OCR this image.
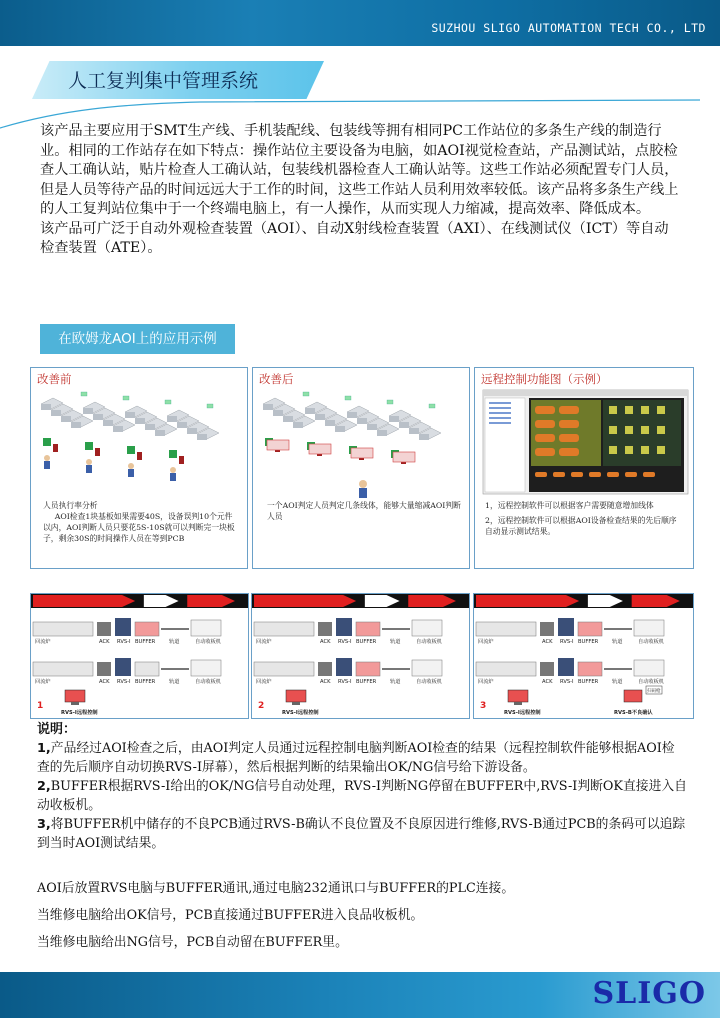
SUZHOU SLIGO AUTOMATION TECH CO., LTD
人工复判集中管理系统

该产品主要应用于SMT生产线、手机装配线、包装线等拥有相同PC工作站位的多条生产线的制造行业。相同的工作站存在如下特点：操作站位主要设备为电脑，如AOI视觉检查站，产品测试站，点胶检查人工确认站，贴片检查人工确认站，包装线机器检查人工确认站等。这些工作站必须配置专门人员，但是人员等待产品的时间远远大于工作的时间，这些工作站人员利用效率较低。该产品将多条生产线上的人工复判站位集中于一个终端电脑上，有一人操作，从而实现人力缩减，提高效率、降低成本。

该产品可广泛于自动外观检查装置（AOI）、自动X射线检查装置（AXI）、在线测试仪（ICT）等自动检查装置（ATE）。

在欧姆龙AOI上的应用示例
改善前
人员执行率分析
AOI检查1块基板如果需要40S，设备误判10个元件以内，AOI判断人员只要花5S-10S就可以判断完一块板子，剩余30S的时间操作人员在等到PCB
改善后
一个AOI判定人员判定几条线体，能够大量缩减AOI判断人员
远程控制功能图（示例）
1，远程控制软件可以根据客户需要随意增加线体
2，远程控制软件可以根据AOI设备检查结果的先后顺序自动显示测试结果。
回流炉	ACK RVS-I BUFFER	轨道	自动收板机
回流炉	ACK RVS-I BUFFER	轨道	自动收板机
1
RVS-I远程控制
回流炉	ACK RVS-I BUFFER	轨道	自动收板机
回流炉	ACK RVS-I BUFFER	轨道	自动收板机
2
RVS-I远程控制
回流炉	ACK RVS-I BUFFER	轨道	自动收板机
回流炉	ACK RVS-I BUFFER	轨道	自动收板机
3
RVS-I远程控制
扫码枪
RVS-B不良确认
说明：

1,产品经过AOI检查之后，由AOI判定人员通过远程控制电脑判断AOI检查的结果（远程控制软件能够根据AOI检查的先后顺序自动切换RVS-I屏幕），然后根据判断的结果输出OK/NG信号给下游设备。

2,BUFFER根据RVS-I给出的OK/NG信号自动处理，RVS-I判断NG停留在BUFFER中,RVS-I判断OK直接进入自动收板机。

3,将BUFFER机中储存的不良PCB通过RVS-B确认不良位置及不良原因进行维修,RVS-B通过PCB的条码可以追踪到当时AOI测试结果。

AOI后放置RVS电脑与BUFFER通讯,通过电脑232通讯口与BUFFER的PLC连接。
当维修电脑给出OK信号，PCB直接通过BUFFER进入良品收板机。
当维修电脑给出NG信号，PCB自动留在BUFFER里。
SLIGO
